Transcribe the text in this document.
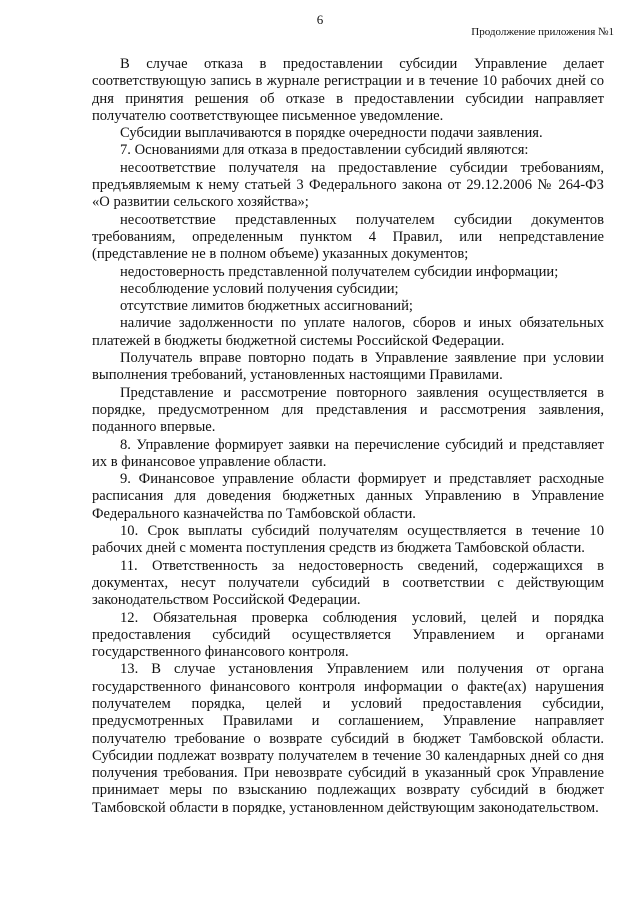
6
Продолжение приложения №1

В случае отказа в предоставлении субсидии Управление делает соответствующую запись в журнале регистрации и в течение 10 рабочих дней со дня принятия решения об отказе в предоставлении субсидии направляет получателю соответствующее письменное уведомление.

Субсидии выплачиваются в порядке очередности подачи заявления.

7. Основаниями для отказа в предоставлении субсидий являются:

несоответствие получателя на предоставление субсидии требованиям, предъявляемым к нему статьей 3 Федерального закона от 29.12.2006 № 264-ФЗ «О развитии сельского хозяйства»;

несоответствие представленных получателем субсидии документов требованиям, определенным пунктом 4 Правил, или непредставление (представление не в полном объеме) указанных документов;

недостоверность представленной получателем субсидии информации;

несоблюдение условий получения субсидии;

отсутствие лимитов бюджетных ассигнований;

наличие задолженности по уплате налогов, сборов и иных обязательных платежей в бюджеты бюджетной системы Российской Федерации.

Получатель вправе повторно подать в Управление заявление при условии выполнения требований, установленных настоящими Правилами.

Представление и рассмотрение повторного заявления осуществляется в порядке, предусмотренном для представления и рассмотрения заявления, поданного впервые.

8. Управление формирует заявки на перечисление субсидий и представляет их в финансовое управление области.

9. Финансовое управление области формирует и представляет расходные расписания для доведения бюджетных данных Управлению в Управление Федерального казначейства по Тамбовской области.

10. Срок выплаты субсидий получателям осуществляется в течение 10 рабочих дней с момента поступления средств из бюджета Тамбовской области.

11. Ответственность за недостоверность сведений, содержащихся в документах, несут получатели субсидий в соответствии с действующим законодательством Российской Федерации.

12. Обязательная проверка соблюдения условий, целей и порядка предоставления субсидий осуществляется Управлением и органами государственного финансового контроля.

13. В случае установления Управлением или получения от органа государственного финансового контроля информации о факте(ах) нарушения получателем порядка, целей и условий предоставления субсидии, предусмотренных Правилами и соглашением, Управление направляет получателю требование о возврате субсидий в бюджет Тамбовской области. Субсидии подлежат возврату получателем в течение 30 календарных дней со дня получения требования. При невозврате субсидий в указанный срок Управление принимает меры по взысканию подлежащих возврату субсидий в бюджет Тамбовской области в порядке, установленном действующим законодательством.
